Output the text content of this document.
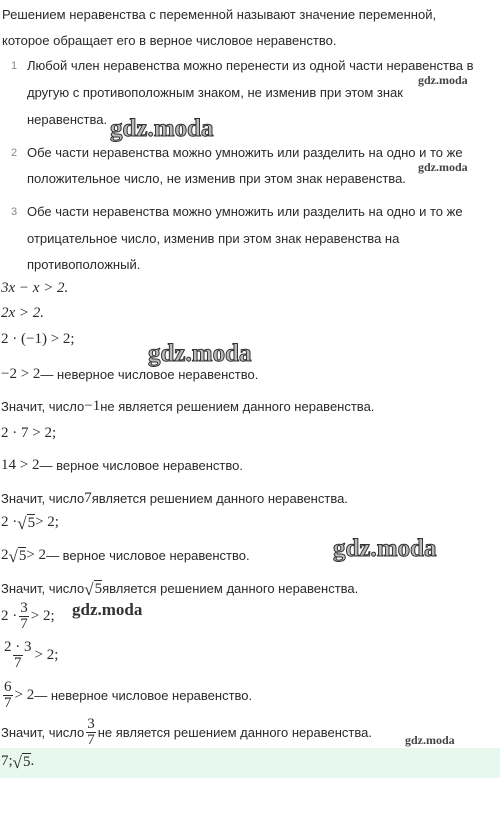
Решением неравенства с переменной называют значение переменной,
которое обращает его в верное числовое неравенство.
1 Любой член неравенства можно перенести из одной части неравенства в
другую с противоположным знаком, не изменив при этом знак
неравенства.
2 Обе части неравенства можно умножить или разделить на одно и то же
положительное число, не изменив при этом знак неравенства.
3 Обе части неравенства можно умножить или разделить на одно и то же
отрицательное число, изменив при этом знак неравенства на
противоположный.
3x − x > 2.
2x > 2.
2 · (−1) > 2;
−2 > 2 — неверное числовое неравенство.
Значит, число −1 не является решением данного неравенства.
2 · 7 > 2;
14 > 2 — верное числовое неравенство.
Значит, число 7 является решением данного неравенства.
2 · √ 5 > 2;
2 √ 5 > 2 — верное числовое неравенство.
Значит, число √ 5 является решением данного неравенства.
$2 \cdot \frac{3}{7} > 2$;
$\frac{2 \cdot 3}{7} > 2$;
$\frac{6}{7} > 2$ — неверное числовое неравенство.
Значит, число $\frac{3}{7}$ не является решением данного неравенства.
7; √ 5 .
gdz.moda
gdz.moda
gdz.moda
gdz.moda
gdz.moda
gdz.moda
gdz.moda
